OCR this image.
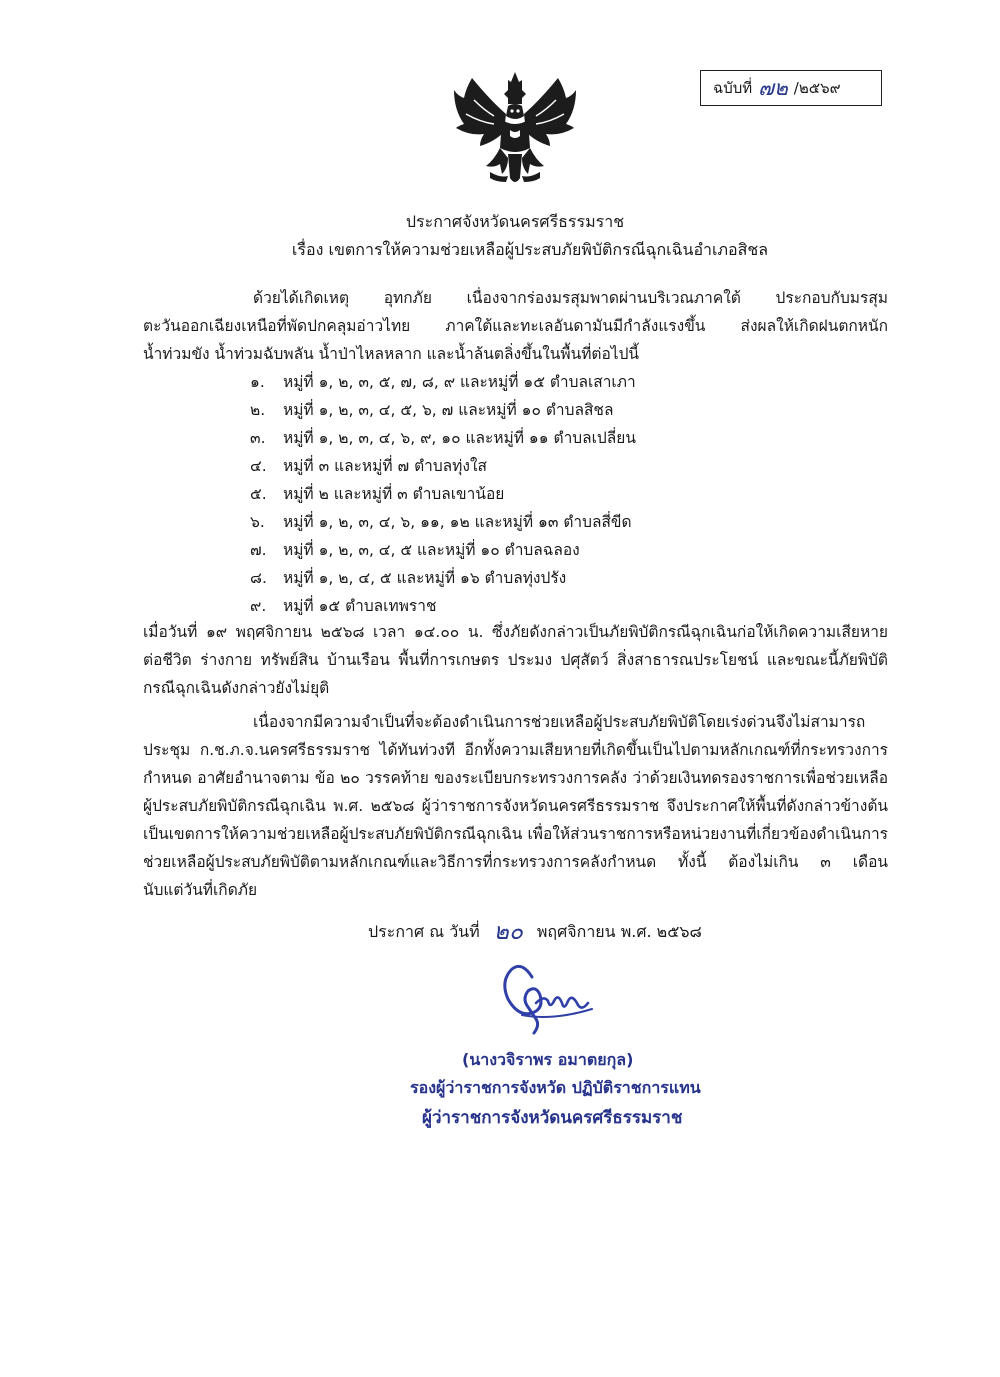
ฉบับที่ ๗๒ /๒๕๖๙
ประกาศจังหวัดนครศรีธรรมราช
เรื่อง เขตการให้ความช่วยเหลือผู้ประสบภัยพิบัติกรณีฉุกเฉินอำเภอสิชล
ด้วยได้เกิดเหตุ อุทกภัย เนื่องจากร่องมรสุมพาดผ่านบริเวณภาคใต้ ประกอบกับมรสุม
ตะวันออกเฉียงเหนือที่พัดปกคลุมอ่าวไทย ภาคใต้และทะเลอันดามันมีกำลังแรงขึ้น ส่งผลให้เกิดฝนตกหนัก
น้ำท่วมขัง น้ำท่วมฉับพลัน น้ำป่าไหลหลาก และน้ำล้นตลิ่งขึ้นในพื้นที่ต่อไปนี้
๑. หมู่ที่ ๑, ๒, ๓, ๕, ๗, ๘, ๙ และหมู่ที่ ๑๕ ตำบลเสาเภา
๒. หมู่ที่ ๑, ๒, ๓, ๔, ๕, ๖, ๗ และหมู่ที่ ๑๐ ตำบลสิชล
๓. หมู่ที่ ๑, ๒, ๓, ๔, ๖, ๙, ๑๐ และหมู่ที่ ๑๑ ตำบลเปลี่ยน
๔. หมู่ที่ ๓ และหมู่ที่ ๗ ตำบลทุ่งใส
๕. หมู่ที่ ๒ และหมู่ที่ ๓ ตำบลเขาน้อย
๖. หมู่ที่ ๑, ๒, ๓, ๔, ๖, ๑๑, ๑๒ และหมู่ที่ ๑๓ ตำบลสี่ขีด
๗. หมู่ที่ ๑, ๒, ๓, ๔, ๕ และหมู่ที่ ๑๐ ตำบลฉลอง
๘. หมู่ที่ ๑, ๒, ๔, ๕ และหมู่ที่ ๑๖ ตำบลทุ่งปรัง
๙. หมู่ที่ ๑๕ ตำบลเทพราช
เมื่อวันที่ ๑๙ พฤศจิกายน ๒๕๖๘ เวลา ๑๔.๐๐ น. ซึ่งภัยดังกล่าวเป็นภัยพิบัติกรณีฉุกเฉินก่อให้เกิดความเสียหาย
ต่อชีวิต ร่างกาย ทรัพย์สิน บ้านเรือน พื้นที่การเกษตร ประมง ปศุสัตว์ สิ่งสาธารณประโยชน์ และขณะนี้ภัยพิบัติ
กรณีฉุกเฉินดังกล่าวยังไม่ยุติ
เนื่องจากมีความจำเป็นที่จะต้องดำเนินการช่วยเหลือผู้ประสบภัยพิบัติโดยเร่งด่วนจึงไม่สามารถ
ประชุม ก.ช.ภ.จ.นครศรีธรรมราช ได้ทันท่วงที อีกทั้งความเสียหายที่เกิดขึ้นเป็นไปตามหลักเกณฑ์ที่กระทรวงการ
กำหนด อาศัยอำนาจตาม ข้อ ๒๐ วรรคท้าย ของระเบียบกระทรวงการคลัง ว่าด้วยเงินทดรองราชการเพื่อช่วยเหลือ
ผู้ประสบภัยพิบัติกรณีฉุกเฉิน พ.ศ. ๒๕๖๘ ผู้ว่าราชการจังหวัดนครศรีธรรมราช จึงประกาศให้พื้นที่ดังกล่าวข้างต้น
เป็นเขตการให้ความช่วยเหลือผู้ประสบภัยพิบัติกรณีฉุกเฉิน เพื่อให้ส่วนราชการหรือหน่วยงานที่เกี่ยวข้องดำเนินการ
ช่วยเหลือผู้ประสบภัยพิบัติตามหลักเกณฑ์และวิธีการที่กระทรวงการคลังกำหนด ทั้งนี้ ต้องไม่เกิน ๓ เดือน
นับแต่วันที่เกิดภัย
ประกาศ ณ วันที่ ๒๐ พฤศจิกายน พ.ศ. ๒๕๖๘
(นางวจิราพร อมาตยกุล)
รองผู้ว่าราชการจังหวัด ปฏิบัติราชการแทน
ผู้ว่าราชการจังหวัดนครศรีธรรมราช
